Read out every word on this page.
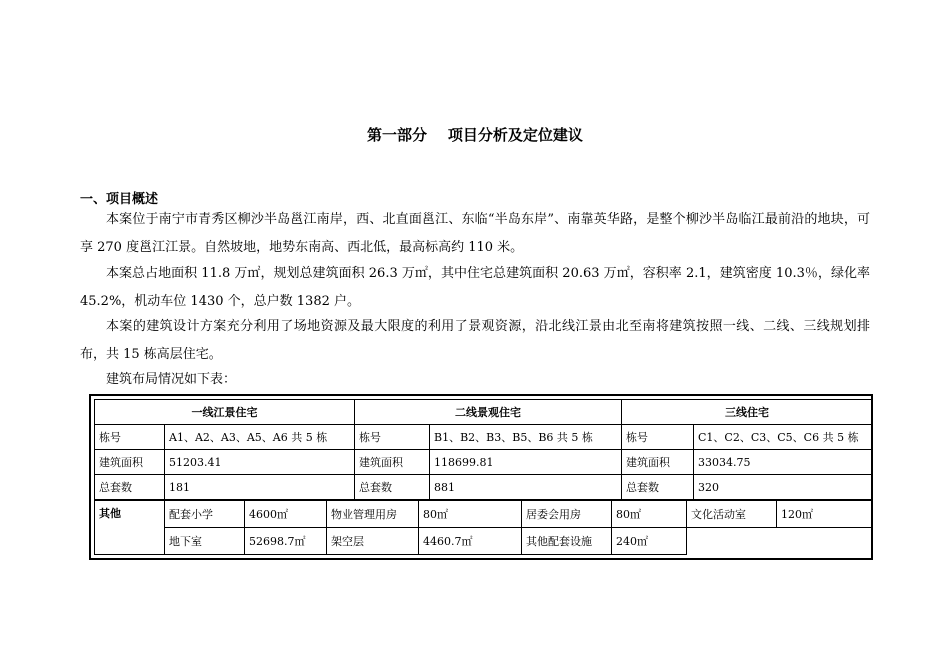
第一部分    项目分析及定位建议
一、项目概述
本案位于南宁市青秀区柳沙半岛邕江南岸，西、北直面邕江、东临“半岛东岸”、南靠英华路，是整个柳沙半岛临江最前沿的地块，可享 270 度邕江江景。自然坡地，地势东南高、西北低，最高标高约 110 米。
本案总占地面积 11.8 万㎡，规划总建筑面积 26.3 万㎡，其中住宅总建筑面积 20.63 万㎡，容积率 2.1，建筑密度 10.3％，绿化率 45.2%，机动车位 1430 个，总户数 1382 户。
本案的建筑设计方案充分利用了场地资源及最大限度的利用了景观资源，沿北线江景由北至南将建筑按照一线、二线、三线规划排布，共 15 栋高层住宅。
建筑布局情况如下表：
一线江景住宅		二线景观住宅		三线住宅	
栋号	A1、A2、A3、A5、A6 共 5 栋	栋号	B1、B2、B3、B5、B6 共 5 栋	栋号	C1、C2、C3、C5、C6 共 5 栋
建筑面积	51203.41	建筑面积	118699.81	建筑面积	33034.75
总套数	181	总套数	881	总套数	320
其他	配套小学	4600㎡	物业管理用房	80㎡	居委会用房	80㎡	文化活动室	120㎡
	地下室	52698.7㎡	架空层	4460.7㎡	其他配套设施	240㎡		
